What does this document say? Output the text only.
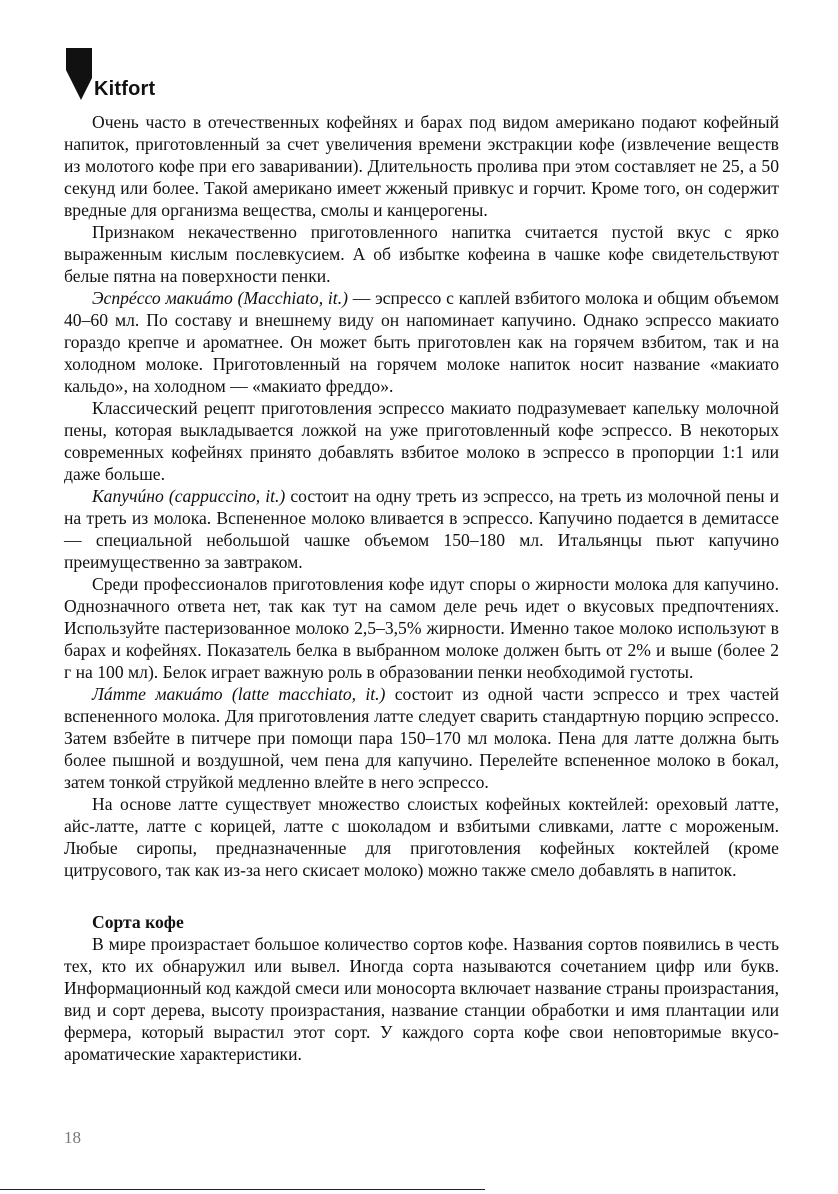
Kitfort

Очень часто в отечественных кофейнях и барах под видом американо подают кофейный напиток, приготовленный за счет увеличения времени экстракции кофе (извлечение веществ из молотого кофе при его заваривании). Длительность пролива при этом составляет не 25, а 50 секунд или более. Такой американо имеет жженый привкус и горчит. Кроме того, он содержит вредные для организма вещества, смолы и канцерогены.

Признаком некачественно приготовленного напитка считается пустой вкус с ярко выраженным кислым послевкусием. А об избытке кофеина в чашке кофе свидетельствуют белые пятна на поверхности пенки.

Эспрéссо макиáто (Macchiato, it.) — эспрессо с каплей взбитого молока и общим объемом 40–60 мл. По составу и внешнему виду он напоминает капучино. Однако эспрессо макиато гораздо крепче и ароматнее. Он может быть приготовлен как на горячем взбитом, так и на холодном молоке. Приготовленный на горячем молоке напиток носит название «макиато кальдо», на холодном — «макиато фреддо».

Классический рецепт приготовления эспрессо макиато подразумевает капельку молочной пены, которая выкладывается ложкой на уже приготовленный кофе эспрессо. В некоторых современных кофейнях принято добавлять взбитое молоко в эспрессо в пропорции 1:1 или даже больше.

Капучúно (cappuccino, it.) состоит на одну треть из эспрессо, на треть из молочной пены и на треть из молока. Вспененное молоко вливается в эспрессо. Капучино подается в демитассе — специальной небольшой чашке объемом 150–180 мл. Итальянцы пьют капучино преимущественно за завтраком.

Среди профессионалов приготовления кофе идут споры о жирности молока для капучино. Однозначного ответа нет, так как тут на самом деле речь идет о вкусовых предпочтениях. Используйте пастеризованное молоко 2,5–3,5% жирности. Именно такое молоко используют в барах и кофейнях. Показатель белка в выбранном молоке должен быть от 2% и выше (более 2 г на 100 мл). Белок играет важную роль в образовании пенки необходимой густоты.

Лáтте макиáто (latte macchiato, it.) состоит из одной части эспрессо и трех частей вспененного молока. Для приготовления латте следует сварить стандартную порцию эспрессо. Затем взбейте в питчере при помощи пара 150–170 мл молока. Пена для латте должна быть более пышной и воздушной, чем пена для капучино. Перелейте вспененное молоко в бокал, затем тонкой струйкой медленно влейте в него эспрессо.

На основе латте существует множество слоистых кофейных коктейлей: ореховый латте, айс-латте, латте с корицей, латте с шоколадом и взбитыми сливками, латте с мороженым. Любые сиропы, предназначенные для приготовления кофейных коктейлей (кроме цитрусового, так как из-за него скисает молоко) можно также смело добавлять в напиток.

Сорта кофе

В мире произрастает большое количество сортов кофе. Названия сортов появились в честь тех, кто их обнаружил или вывел. Иногда сорта называются сочетанием цифр или букв. Информационный код каждой смеси или моносорта включает название страны произрастания, вид и сорт дерева, высоту произрастания, название станции обработки и имя плантации или фермера, который вырастил этот сорт. У каждого сорта кофе свои неповторимые вкусо-ароматические характеристики.

18
